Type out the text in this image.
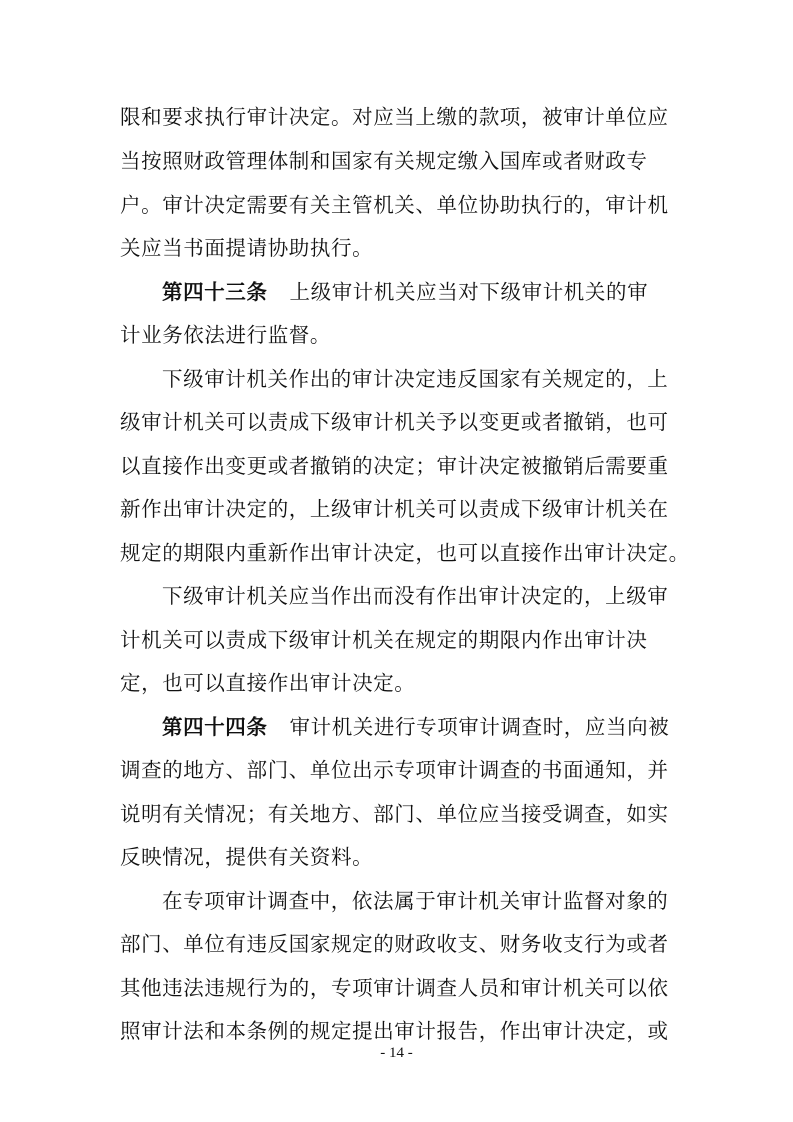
限和要求执行审计决定。对应当上缴的款项，被审计单位应
当按照财政管理体制和国家有关规定缴入国库或者财政专
户。审计决定需要有关主管机关、单位协助执行的，审计机
关应当书面提请协助执行。
第四十三条 上级审计机关应当对下级审计机关的审
计业务依法进行监督。
下级审计机关作出的审计决定违反国家有关规定的，上
级审计机关可以责成下级审计机关予以变更或者撤销，也可
以直接作出变更或者撤销的决定；审计决定被撤销后需要重
新作出审计决定的，上级审计机关可以责成下级审计机关在
规定的期限内重新作出审计决定，也可以直接作出审计决定。
下级审计机关应当作出而没有作出审计决定的，上级审
计机关可以责成下级审计机关在规定的期限内作出审计决
定，也可以直接作出审计决定。
第四十四条 审计机关进行专项审计调查时，应当向被
调查的地方、部门、单位出示专项审计调查的书面通知，并
说明有关情况；有关地方、部门、单位应当接受调查，如实
反映情况，提供有关资料。
在专项审计调查中，依法属于审计机关审计监督对象的
部门、单位有违反国家规定的财政收支、财务收支行为或者
其他违法违规行为的，专项审计调查人员和审计机关可以依
照审计法和本条例的规定提出审计报告，作出审计决定，或
- 14 -
